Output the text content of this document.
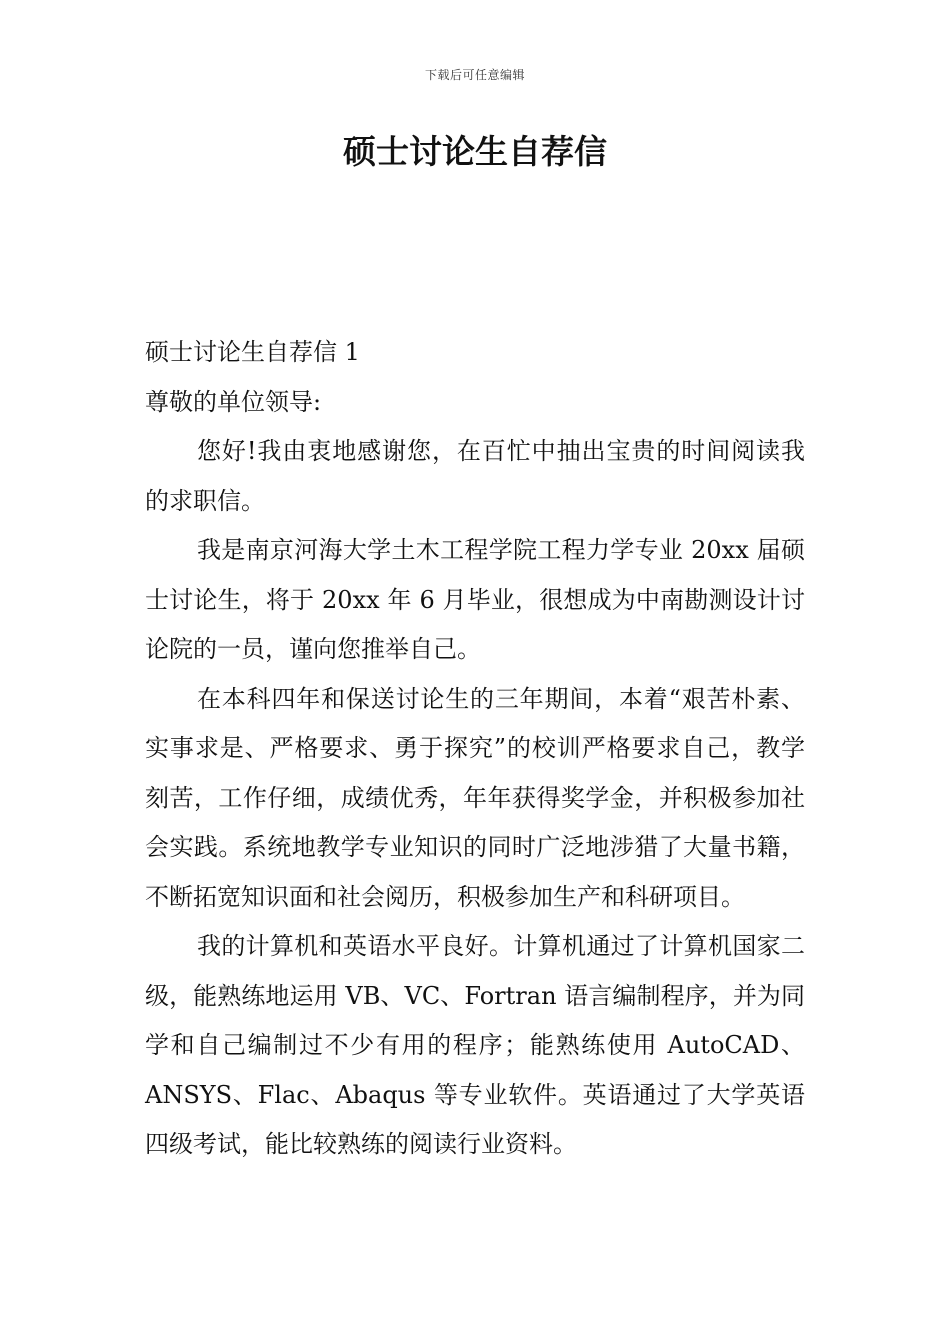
下载后可任意编辑
硕士讨论生自荐信

硕士讨论生自荐信 1

尊敬的单位领导:

您好!我由衷地感谢您，在百忙中抽出宝贵的时间阅读我的求职信。

我是南京河海大学土木工程学院工程力学专业 20xx 届硕士讨论生，将于 20xx 年 6 月毕业，很想成为中南勘测设计讨论院的一员，谨向您推举自己。

在本科四年和保送讨论生的三年期间，本着“艰苦朴素、实事求是、严格要求、勇于探究”的校训严格要求自己，教学刻苦，工作仔细，成绩优秀，年年获得奖学金，并积极参加社会实践。系统地教学专业知识的同时广泛地涉猎了大量书籍，不断拓宽知识面和社会阅历，积极参加生产和科研项目。

我的计算机和英语水平良好。计算机通过了计算机国家二级，能熟练地运用 VB、VC、Fortran 语言编制程序，并为同学和自己编制过不少有用的程序；能熟练使用 AutoCAD、ANSYS、Flac、Abaqus 等专业软件。英语通过了大学英语四级考试，能比较熟练的阅读行业资料。
